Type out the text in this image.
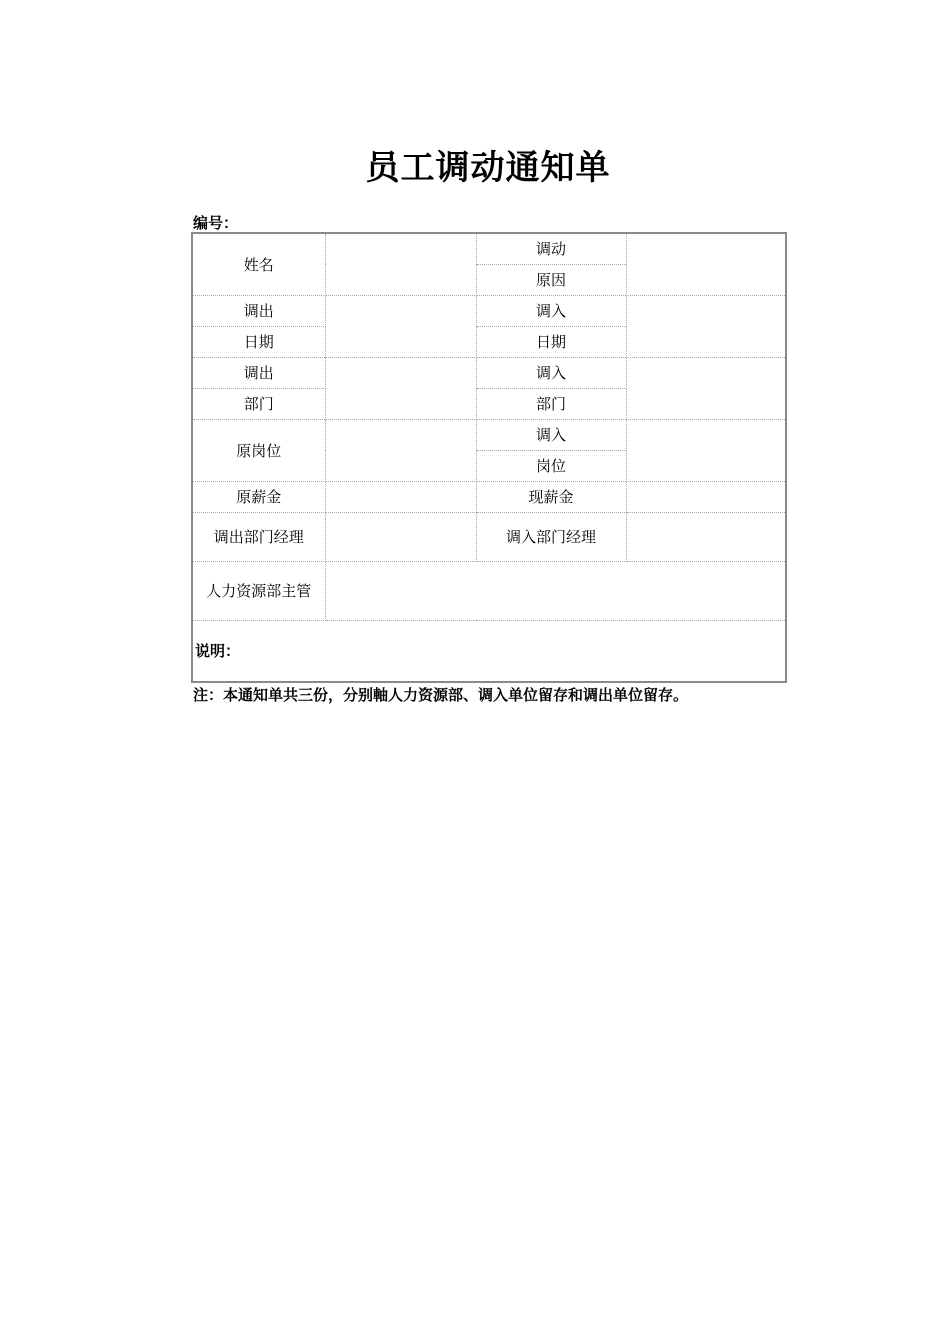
员工调动通知单
编号：
姓名		调动	
		原因	
调出		调入	
日期		日期	
调出		调入	
部门		部门	
原岗位		调入	
		岗位	
原薪金		现薪金	
调出部门经理		调入部门经理	
人力资源部主管			
说明：			
注：本通知单共三份，分别軸人力资源部、调入单位留存和调出单位留存。
